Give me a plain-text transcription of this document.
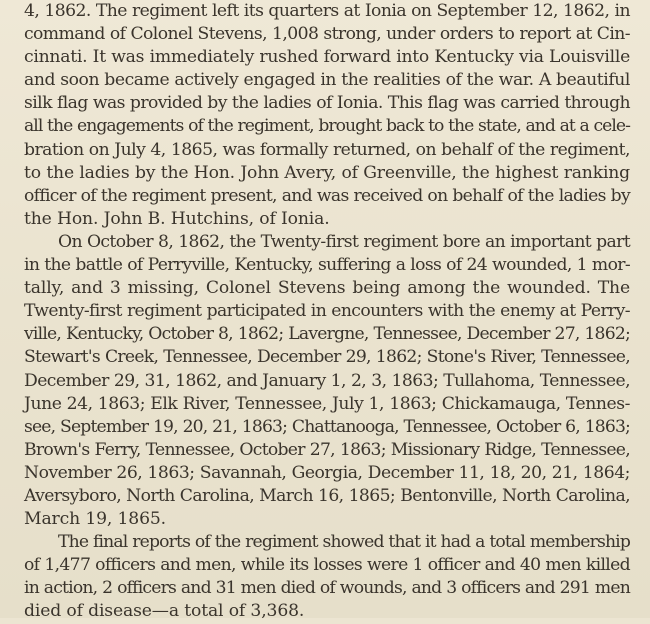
4, 1862. The regiment left its quarters at Ionia on September 12, 1862, in
command of Colonel Stevens, 1,008 strong, under orders to report at Cin-
cinnati. It was immediately rushed forward into Kentucky via Louisville
and soon became actively engaged in the realities of the war. A beautiful
silk flag was provided by the ladies of Ionia. This flag was carried through
all the engagements of the regiment, brought back to the state, and at a cele-
bration on July 4, 1865, was formally returned, on behalf of the regiment,
to the ladies by the Hon. John Avery, of Greenville, the highest ranking
officer of the regiment present, and was received on behalf of the ladies by
the Hon. John B. Hutchins, of Ionia.
On October 8, 1862, the Twenty-first regiment bore an important part
in the battle of Perryville, Kentucky, suffering a loss of 24 wounded, 1 mor-
tally, and 3 missing, Colonel Stevens being among the wounded. The
Twenty-first regiment participated in encounters with the enemy at Perry-
ville, Kentucky, October 8, 1862; Lavergne, Tennessee, December 27, 1862;
Stewart's Creek, Tennessee, December 29, 1862; Stone's River, Tennessee,
December 29, 31, 1862, and January 1, 2, 3, 1863; Tullahoma, Tennessee,
June 24, 1863; Elk River, Tennessee, July 1, 1863; Chickamauga, Tennes-
see, September 19, 20, 21, 1863; Chattanooga, Tennessee, October 6, 1863;
Brown's Ferry, Tennessee, October 27, 1863; Missionary Ridge, Tennessee,
November 26, 1863; Savannah, Georgia, December 11, 18, 20, 21, 1864;
Aversyboro, North Carolina, March 16, 1865; Bentonville, North Carolina,
March 19, 1865.
The final reports of the regiment showed that it had a total membership
of 1,477 officers and men, while its losses were 1 officer and 40 men killed
in action, 2 officers and 31 men died of wounds, and 3 officers and 291 men
died of disease—a total of 3,368.
